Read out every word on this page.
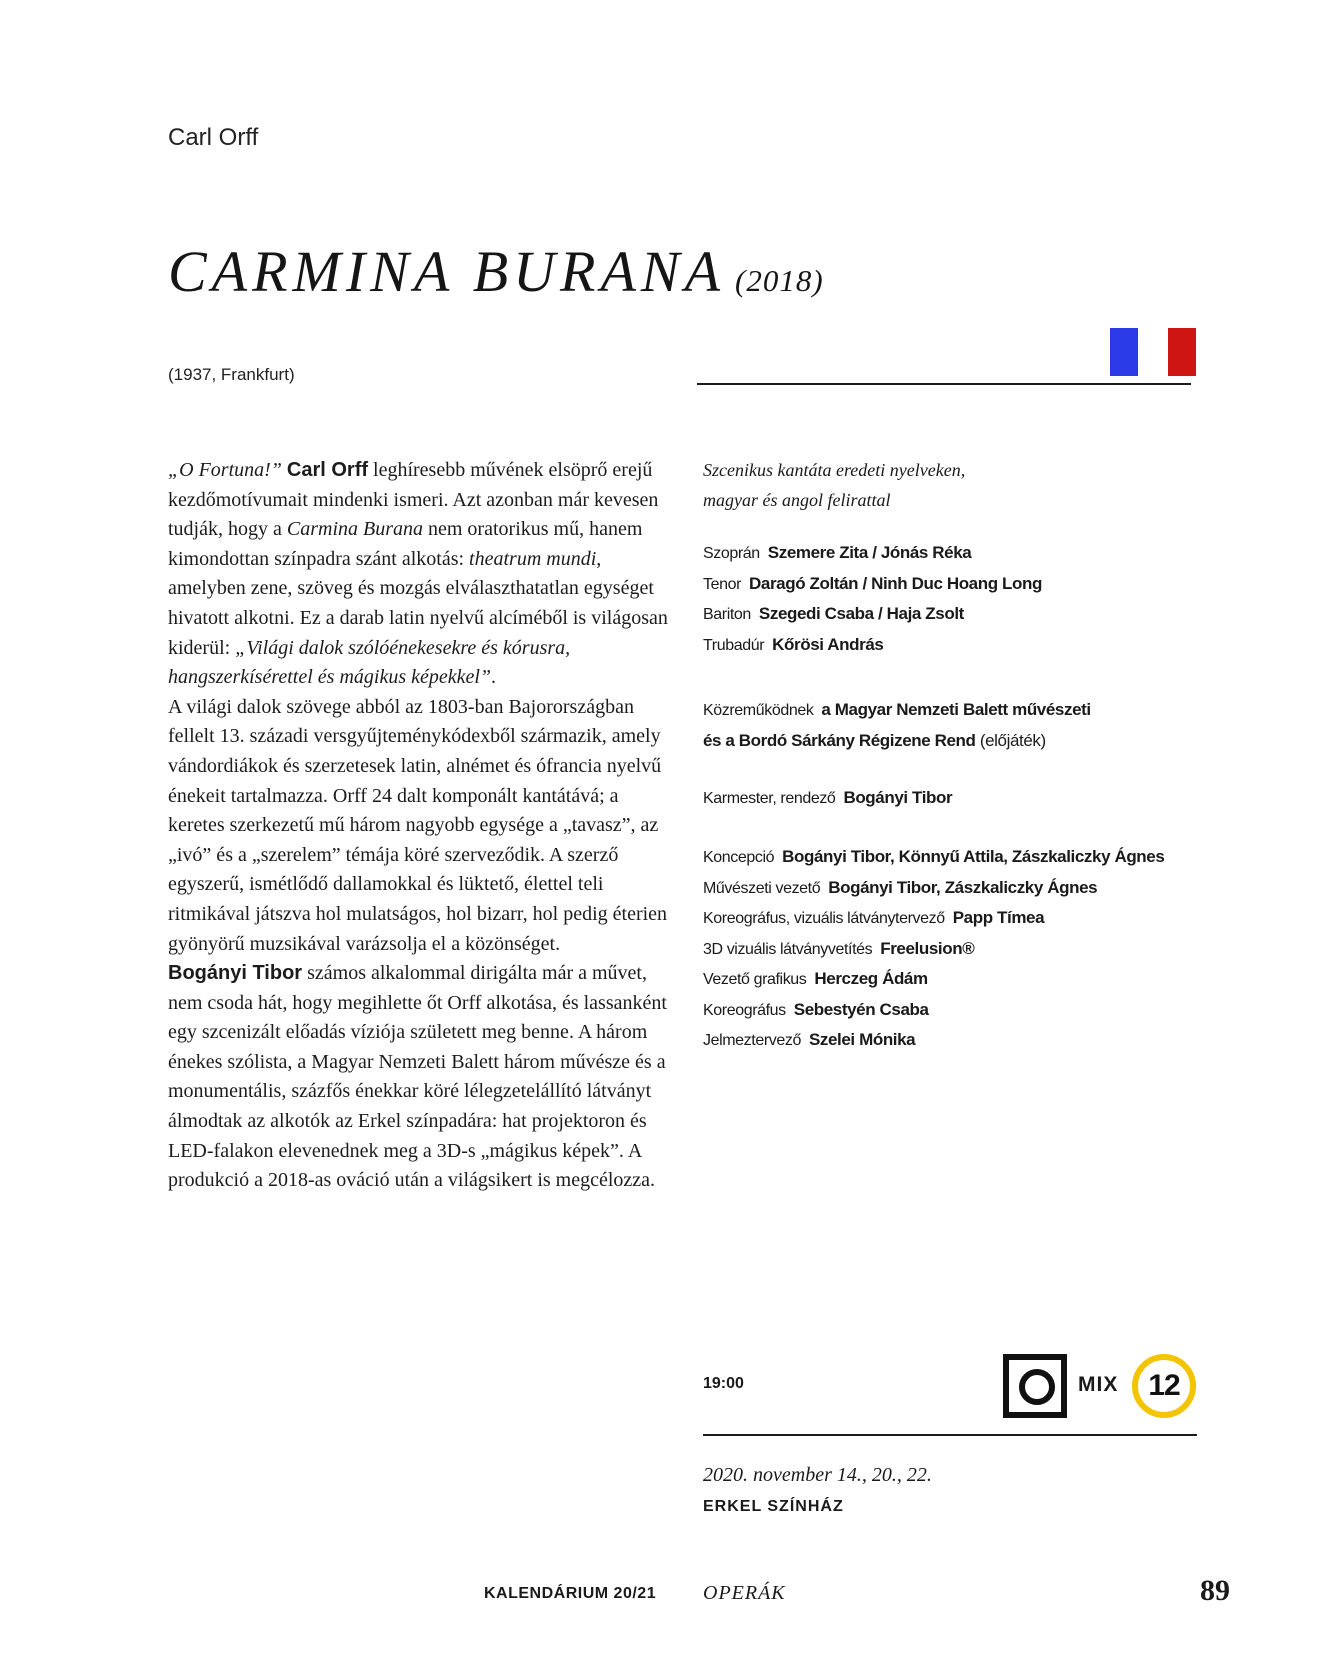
Carl Orff
CARMINA BURANA (2018)
(1937, Frankfurt)

„O Fortuna!” Carl Orff leghíresebb művének elsöprő erejű kezdőmotívumait mindenki ismeri. Azt azonban már kevesen tudják, hogy a Carmina Burana nem oratorikus mű, hanem kimondottan színpadra szánt alkotás: theatrum mundi, amelyben zene, szöveg és mozgás elválaszthatatlan egységet hivatott alkotni. Ez a darab latin nyelvű alcíméből is világosan kiderül: „Világi dalok szólóénekesekre és kórusra, hangszerkísérettel és mágikus képekkel”.

A világi dalok szövege abból az 1803-ban Bajorországban fellelt 13. századi versgyűjteménykódexből származik, amely vándordiákok és szerzetesek latin, alnémet és ófrancia nyelvű énekeit tartalmazza. Orff 24 dalt komponált kantátává; a keretes szerkezetű mű három nagyobb egysége a „tavasz”, az „ivó” és a „szerelem” témája köré szerveződik. A szerző egyszerű, ismétlődő dallamokkal és lüktető, élettel teli ritmikával játszva hol mulatságos, hol bizarr, hol pedig éterien gyönyörű muzsikával varázsolja el a közönséget.

Bogányi Tibor számos alkalommal dirigálta már a művet, nem csoda hát, hogy megihlette őt Orff alkotása, és lassanként egy szcenizált előadás víziója született meg benne. A három énekes szólista, a Magyar Nemzeti Balett három művésze és a monumentális, százfős énekkar köré lélegzetelállító látványt álmodtak az alkotók az Erkel színpadára: hat projektoron és LED-falakon elevenednek meg a 3D-s „mágikus képek”. A produkció a 2018-as ováció után a világsikert is megcélozza.

Szcenikus kantáta eredeti nyelveken,
magyar és angol felirattal
Szoprán Szemere Zita / Jónás Réka
Tenor Daragó Zoltán / Ninh Duc Hoang Long
Bariton Szegedi Csaba / Haja Zsolt
Trubadúr Kőrösi András
Közreműködnek a Magyar Nemzeti Balett művészeti
és a Bordó Sárkány Régizene Rend (előjáték)
Karmester, rendező Bogányi Tibor
Koncepció Bogányi Tibor, Könnyű Attila, Zászkaliczky Ágnes
Művészeti vezető Bogányi Tibor, Zászkaliczky Ágnes
Koreográfus, vizuális látványtervező Papp Tímea
3D vizuális látványvetítés Freelusion®
Vezető grafikus Herczeg Ádám
Koreográfus Sebestyén Csaba
Jelmeztervező Szelei Mónika
19:00	MIX 12
2020. november 14., 20., 22.
ERKEL SZÍNHÁZ
KALENDÁRIUM 20/21 OPERÁK	89
